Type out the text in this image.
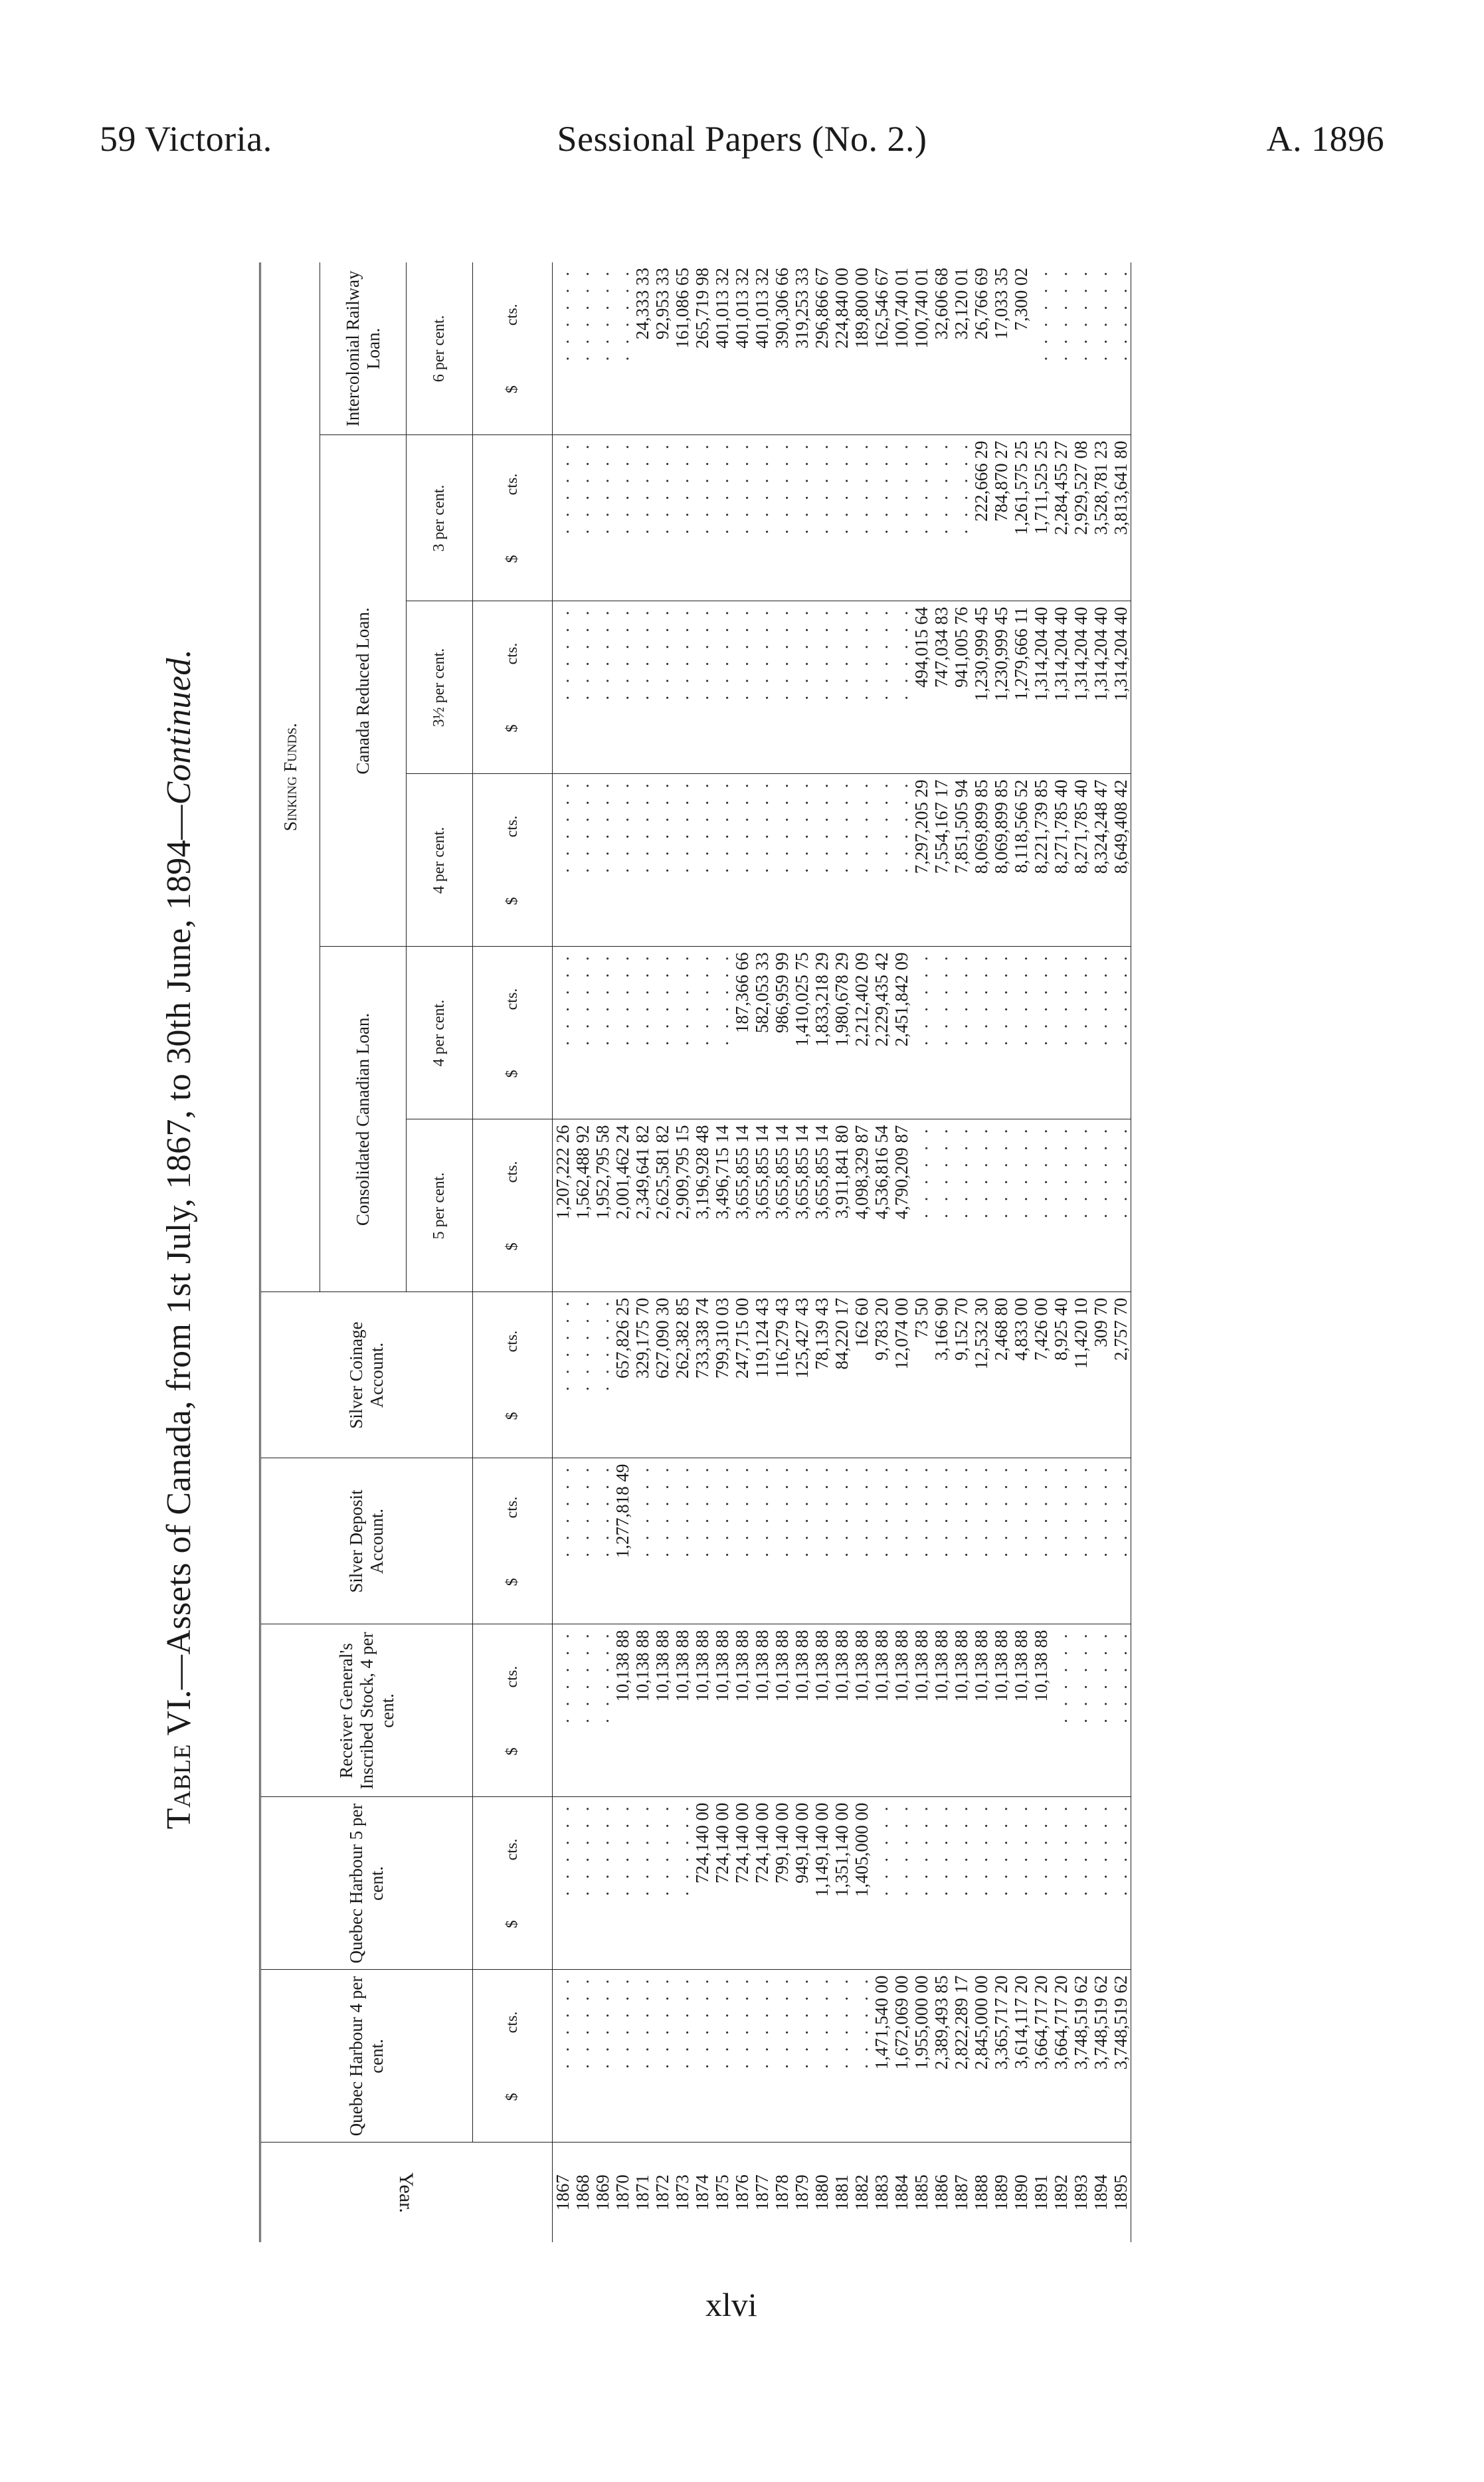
59 Victoria.	Sessional Papers (No. 2.)	A. 1896
Table VI.—Assets of Canada, from 1st July, 1867, to 30th June, 1894—Continued.
Year.	Quebec Harbour 4 per cent.	Quebec Harbour 5 per cent.	Receiver General's Inscribed Stock, 4 per cent.	Silver Deposit Account.	Silver Coinage Account.	Sinking Funds.					
						Consolidated Canadian Loan.		Canada Reduced Loan.			Intercolonial Railway Loan.
						5 per cent.	4 per cent.	4 per cent.	3½ per cent.	3 per cent.	6 per cent.
	$cts.	$cts.	$cts.	$cts.	$cts.	$cts.	$cts.	$cts.	$cts.	$cts.	$cts.
1867	. . . . . .	. . . . . .	. . . . . .	. . . . . .	. . . . . .	1,207,222 26	. . . . . .	. . . . . .	. . . . . .	. . . . . .	. . . . . .
1868	. . . . . .	. . . . . .	. . . . . .	. . . . . .	. . . . . .	1,562,488 92	. . . . . .	. . . . . .	. . . . . .	. . . . . .	. . . . . .
1869	. . . . . .	. . . . . .	. . . . . .	. . . . . .	. . . . . .	1,952,795 58	. . . . . .	. . . . . .	. . . . . .	. . . . . .	. . . . . .
1870	. . . . . .	. . . . . .	10,138 88	1,277,818 49	657,826 25	2,001,462 24	. . . . . .	. . . . . .	. . . . . .	. . . . . .	. . . . . .
1871	. . . . . .	. . . . . .	10,138 88	. . . . . .	329,175 70	2,349,641 82	. . . . . .	. . . . . .	. . . . . .	. . . . . .	24,333 33
1872	. . . . . .	. . . . . .	10,138 88	. . . . . .	627,090 30	2,625,581 82	. . . . . .	. . . . . .	. . . . . .	. . . . . .	92,953 33
1873	. . . . . .	. . . . . .	10,138 88	. . . . . .	262,382 85	2,909,795 15	. . . . . .	. . . . . .	. . . . . .	. . . . . .	161,086 65
1874	. . . . . .	724,140 00	10,138 88	. . . . . .	733,338 74	3,196,928 48	. . . . . .	. . . . . .	. . . . . .	. . . . . .	265,719 98
1875	. . . . . .	724,140 00	10,138 88	. . . . . .	799,310 03	3,496,715 14	. . . . . .	. . . . . .	. . . . . .	. . . . . .	401,013 32
1876	. . . . . .	724,140 00	10,138 88	. . . . . .	247,715 00	3,655,855 14	187,366 66	. . . . . .	. . . . . .	. . . . . .	401,013 32
1877	. . . . . .	724,140 00	10,138 88	. . . . . .	119,124 43	3,655,855 14	582,053 33	. . . . . .	. . . . . .	. . . . . .	401,013 32
1878	. . . . . .	799,140 00	10,138 88	. . . . . .	116,279 43	3,655,855 14	986,959 99	. . . . . .	. . . . . .	. . . . . .	390,306 66
1879	. . . . . .	949,140 00	10,138 88	. . . . . .	125,427 43	3,655,855 14	1,410,025 75	. . . . . .	. . . . . .	. . . . . .	319,253 33
1880	. . . . . .	1,149,140 00	10,138 88	. . . . . .	78,139 43	3,655,855 14	1,833,218 29	. . . . . .	. . . . . .	. . . . . .	296,866 67
1881	. . . . . .	1,351,140 00	10,138 88	. . . . . .	84,220 17	3,911,841 80	1,980,678 29	. . . . . .	. . . . . .	. . . . . .	224,840 00
1882	. . . . . .	1,405,000 00	10,138 88	. . . . . .	162 60	4,098,329 87	2,212,402 09	. . . . . .	. . . . . .	. . . . . .	189,800 00
1883	1,471,540 00	. . . . . .	10,138 88	. . . . . .	9,783 20	4,536,816 54	2,229,435 42	. . . . . .	. . . . . .	. . . . . .	162,546 67
1884	1,672,069 00	. . . . . .	10,138 88	. . . . . .	12,074 00	4,790,209 87	2,451,842 09	. . . . . .	. . . . . .	. . . . . .	100,740 01
1885	1,955,000 00	. . . . . .	10,138 88	. . . . . .	73 50	. . . . . .	. . . . . .	7,297,205 29	494,015 64	. . . . . .	100,740 01
1886	2,389,493 85	. . . . . .	10,138 88	. . . . . .	3,166 90	. . . . . .	. . . . . .	7,554,167 17	747,034 83	. . . . . .	32,606 68
1887	2,822,289 17	. . . . . .	10,138 88	. . . . . .	9,152 70	. . . . . .	. . . . . .	7,851,505 94	941,005 76	. . . . . .	32,120 01
1888	2,845,000 00	. . . . . .	10,138 88	. . . . . .	12,532 30	. . . . . .	. . . . . .	8,069,899 85	1,230,999 45	222,666 29	26,766 69
1889	3,365,717 20	. . . . . .	10,138 88	. . . . . .	2,468 80	. . . . . .	. . . . . .	8,069,899 85	1,230,999 45	784,870 27	17,033 35
1890	3,614,117 20	. . . . . .	10,138 88	. . . . . .	4,833 00	. . . . . .	. . . . . .	8,118,566 52	1,279,666 11	1,261,575 25	7,300 02
1891	3,664,717 20	. . . . . .	10,138 88	. . . . . .	7,426 00	. . . . . .	. . . . . .	8,221,739 85	1,314,204 40	1,711,525 25	. . . . . .
1892	3,664,717 20	. . . . . .	. . . . . .	. . . . . .	8,925 40	. . . . . .	. . . . . .	8,271,785 40	1,314,204 40	2,284,455 27	. . . . . .
1893	3,748,519 62	. . . . . .	. . . . . .	. . . . . .	11,420 10	. . . . . .	. . . . . .	8,271,785 40	1,314,204 40	2,929,527 08	. . . . . .
1894	3,748,519 62	. . . . . .	. . . . . .	. . . . . .	309 70	. . . . . .	. . . . . .	8,324,248 47	1,314,204 40	3,528,781 23	. . . . . .
1895	3,748,519 62	. . . . . .	. . . . . .	. . . . . .	2,757 70	. . . . . .	. . . . . .	8,649,408 42	1,314,204 40	3,813,641 80	. . . . . .
xlvi
